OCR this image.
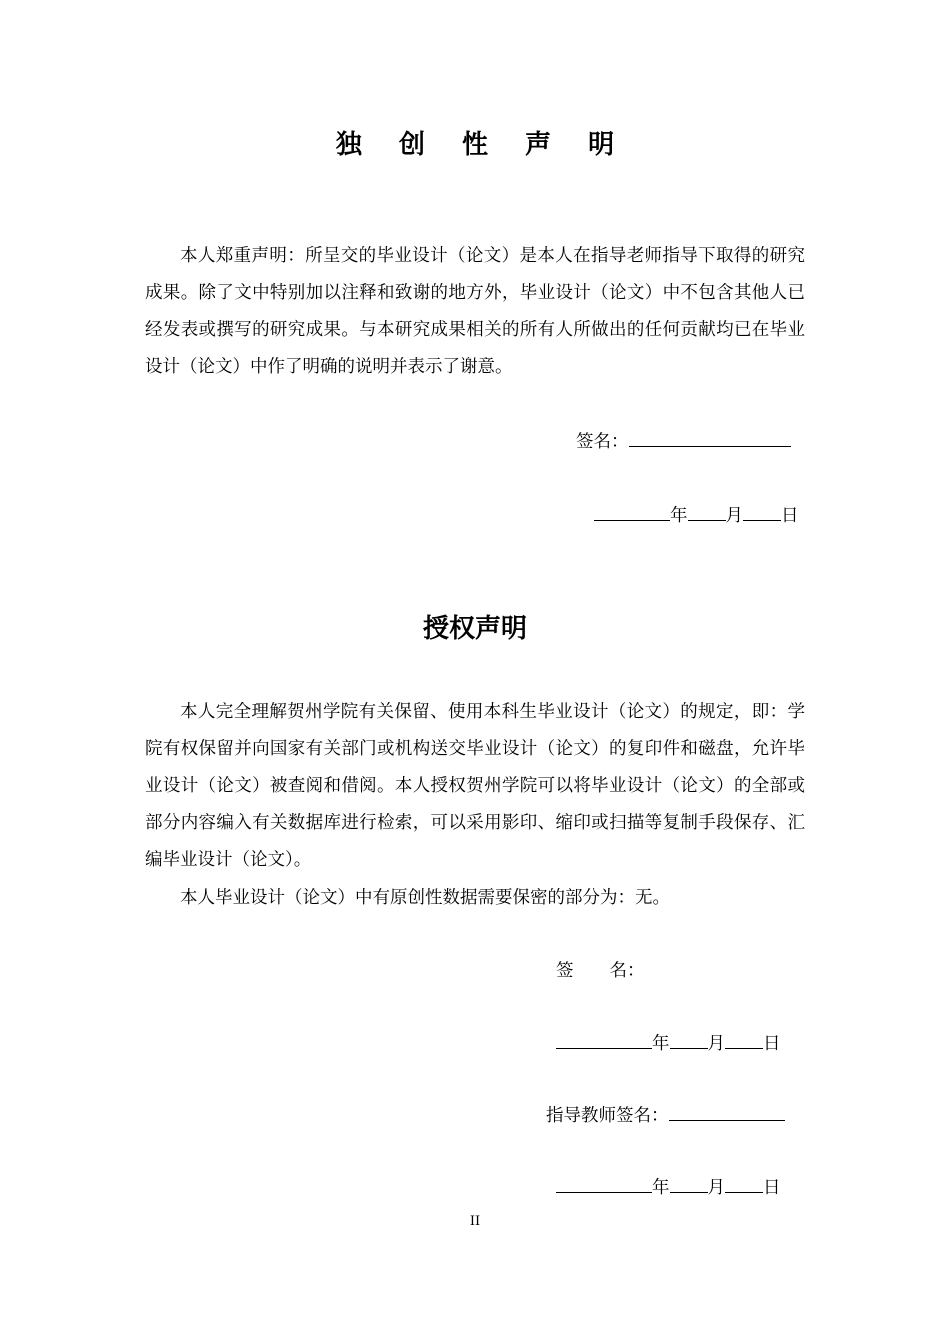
独 创 性 声 明
本人郑重声明：所呈交的毕业设计（论文）是本人在指导老师指导下取得的研究成果。除了文中特别加以注释和致谢的地方外，毕业设计（论文）中不包含其他人已经发表或撰写的研究成果。与本研究成果相关的所有人所做出的任何贡献均已在毕业设计（论文）中作了明确的说明并表示了谢意。
签名：
年 月 日
授权声明
本人完全理解贺州学院有关保留、使用本科生毕业设计（论文）的规定，即：学院有权保留并向国家有关部门或机构送交毕业设计（论文）的复印件和磁盘，允许毕业设计（论文）被查阅和借阅。本人授权贺州学院可以将毕业设计（论文）的全部或部分内容编入有关数据库进行检索，可以采用影印、缩印或扫描等复制手段保存、汇编毕业设计（论文）。
本人毕业设计（论文）中有原创性数据需要保密的部分为：无。
签 名：
年 月 日
指导教师签名：
年 月 日
II
